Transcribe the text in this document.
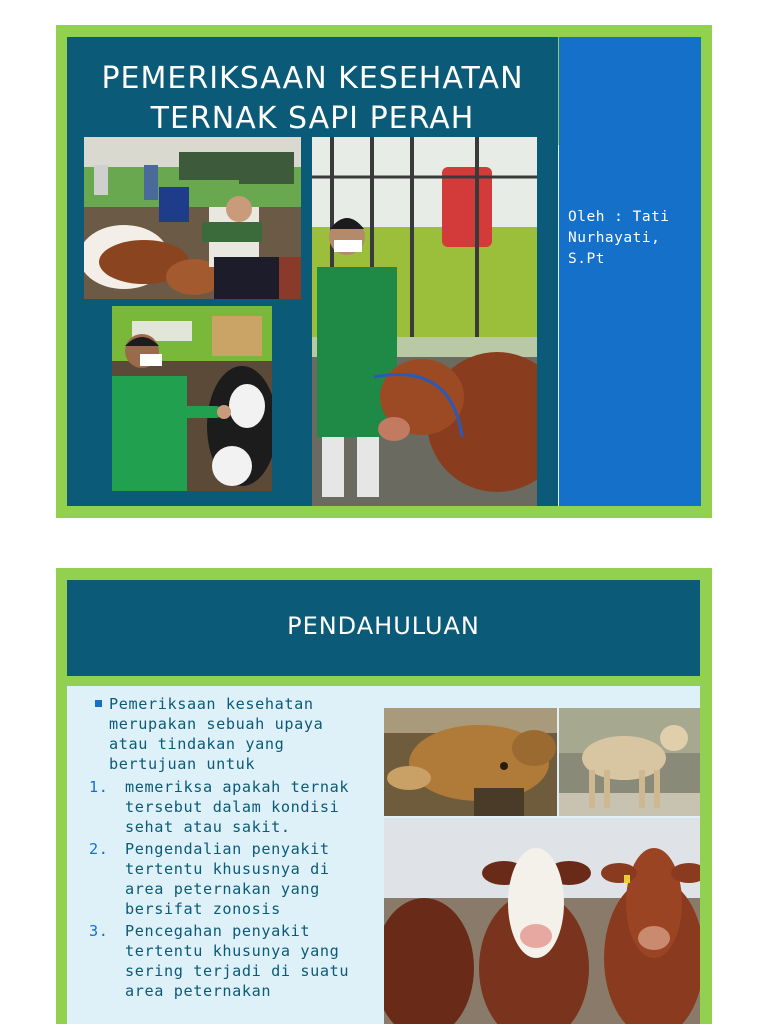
PEMERIKSAAN KESEHATAN
TERNAK SAPI PERAH
Oleh : Tati
Nurhayati,
S.Pt
PENDAHULUAN
Pemeriksaan kesehatan merupakan sebuah upaya atau tindakan yang bertujuan untuk
1. memeriksa apakah ternak tersebut dalam kondisi sehat atau sakit.
2. Pengendalian penyakit tertentu khususnya di area peternakan yang bersifat zonosis
3. Pencegahan penyakit tertentu khusunya yang sering terjadi di suatu area peternakan
